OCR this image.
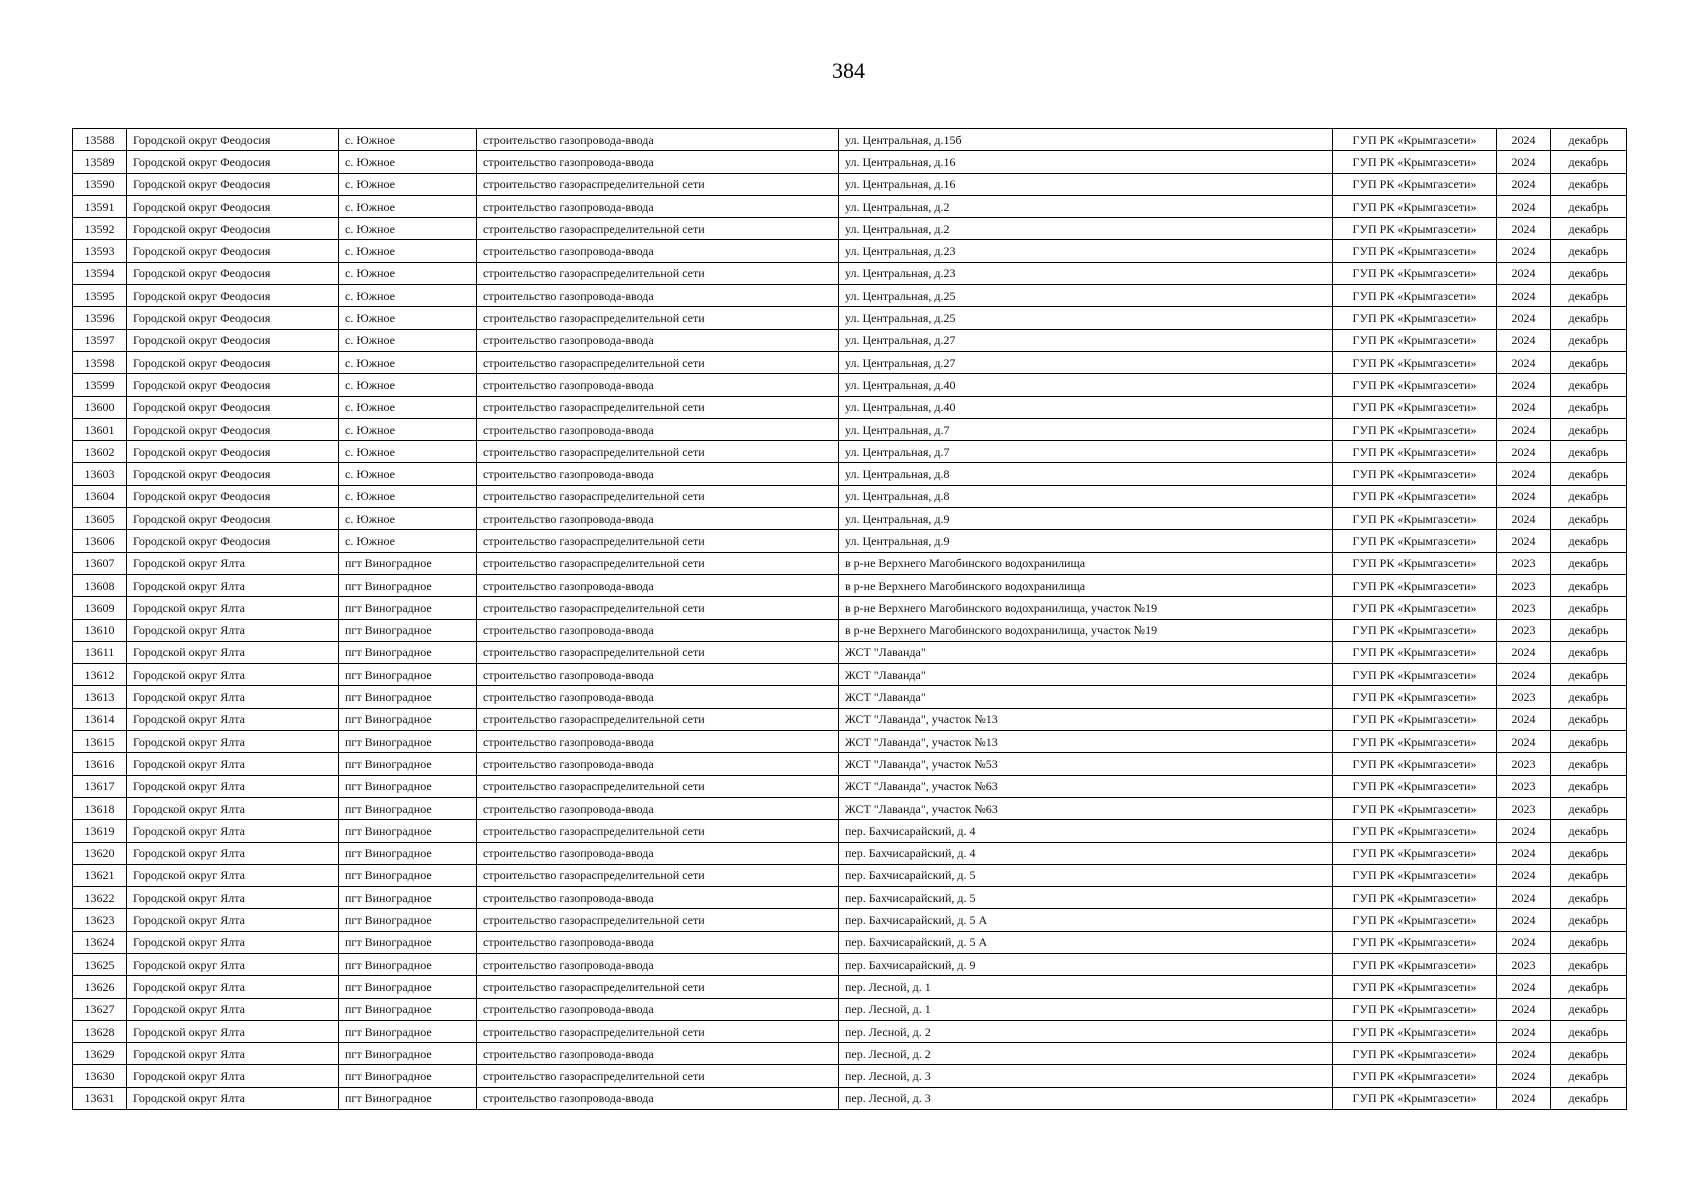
384
13588	Городской округ Феодосия	с. Южное	строительство газопровода-ввода	ул. Центральная, д.15б	ГУП РК «Крымгазсети»	2024	декабрь
13589	Городской округ Феодосия	с. Южное	строительство газопровода-ввода	ул. Центральная, д.16	ГУП РК «Крымгазсети»	2024	декабрь
13590	Городской округ Феодосия	с. Южное	строительство газораспределительной сети	ул. Центральная, д.16	ГУП РК «Крымгазсети»	2024	декабрь
13591	Городской округ Феодосия	с. Южное	строительство газопровода-ввода	ул. Центральная, д.2	ГУП РК «Крымгазсети»	2024	декабрь
13592	Городской округ Феодосия	с. Южное	строительство газораспределительной сети	ул. Центральная, д.2	ГУП РК «Крымгазсети»	2024	декабрь
13593	Городской округ Феодосия	с. Южное	строительство газопровода-ввода	ул. Центральная, д.23	ГУП РК «Крымгазсети»	2024	декабрь
13594	Городской округ Феодосия	с. Южное	строительство газораспределительной сети	ул. Центральная, д.23	ГУП РК «Крымгазсети»	2024	декабрь
13595	Городской округ Феодосия	с. Южное	строительство газопровода-ввода	ул. Центральная, д.25	ГУП РК «Крымгазсети»	2024	декабрь
13596	Городской округ Феодосия	с. Южное	строительство газораспределительной сети	ул. Центральная, д.25	ГУП РК «Крымгазсети»	2024	декабрь
13597	Городской округ Феодосия	с. Южное	строительство газопровода-ввода	ул. Центральная, д.27	ГУП РК «Крымгазсети»	2024	декабрь
13598	Городской округ Феодосия	с. Южное	строительство газораспределительной сети	ул. Центральная, д.27	ГУП РК «Крымгазсети»	2024	декабрь
13599	Городской округ Феодосия	с. Южное	строительство газопровода-ввода	ул. Центральная, д.40	ГУП РК «Крымгазсети»	2024	декабрь
13600	Городской округ Феодосия	с. Южное	строительство газораспределительной сети	ул. Центральная, д.40	ГУП РК «Крымгазсети»	2024	декабрь
13601	Городской округ Феодосия	с. Южное	строительство газопровода-ввода	ул. Центральная, д.7	ГУП РК «Крымгазсети»	2024	декабрь
13602	Городской округ Феодосия	с. Южное	строительство газораспределительной сети	ул. Центральная, д.7	ГУП РК «Крымгазсети»	2024	декабрь
13603	Городской округ Феодосия	с. Южное	строительство газопровода-ввода	ул. Центральная, д.8	ГУП РК «Крымгазсети»	2024	декабрь
13604	Городской округ Феодосия	с. Южное	строительство газораспределительной сети	ул. Центральная, д.8	ГУП РК «Крымгазсети»	2024	декабрь
13605	Городской округ Феодосия	с. Южное	строительство газопровода-ввода	ул. Центральная, д.9	ГУП РК «Крымгазсети»	2024	декабрь
13606	Городской округ Феодосия	с. Южное	строительство газораспределительной сети	ул. Центральная, д.9	ГУП РК «Крымгазсети»	2024	декабрь
13607	Городской округ Ялта	пгт Виноградное	строительство газораспределительной сети	в р-не Верхнего Магобинского водохранилища	ГУП РК «Крымгазсети»	2023	декабрь
13608	Городской округ Ялта	пгт Виноградное	строительство газопровода-ввода	в р-не Верхнего Магобинского водохранилища	ГУП РК «Крымгазсети»	2023	декабрь
13609	Городской округ Ялта	пгт Виноградное	строительство газораспределительной сети	в р-не Верхнего Магобинского водохранилища, участок №19	ГУП РК «Крымгазсети»	2023	декабрь
13610	Городской округ Ялта	пгт Виноградное	строительство газопровода-ввода	в р-не Верхнего Магобинского водохранилища, участок №19	ГУП РК «Крымгазсети»	2023	декабрь
13611	Городской округ Ялта	пгт Виноградное	строительство газораспределительной сети	ЖСТ "Лаванда"	ГУП РК «Крымгазсети»	2024	декабрь
13612	Городской округ Ялта	пгт Виноградное	строительство газопровода-ввода	ЖСТ "Лаванда"	ГУП РК «Крымгазсети»	2024	декабрь
13613	Городской округ Ялта	пгт Виноградное	строительство газопровода-ввода	ЖСТ "Лаванда"	ГУП РК «Крымгазсети»	2023	декабрь
13614	Городской округ Ялта	пгт Виноградное	строительство газораспределительной сети	ЖСТ "Лаванда", участок №13	ГУП РК «Крымгазсети»	2024	декабрь
13615	Городской округ Ялта	пгт Виноградное	строительство газопровода-ввода	ЖСТ "Лаванда", участок №13	ГУП РК «Крымгазсети»	2024	декабрь
13616	Городской округ Ялта	пгт Виноградное	строительство газопровода-ввода	ЖСТ "Лаванда", участок №53	ГУП РК «Крымгазсети»	2023	декабрь
13617	Городской округ Ялта	пгт Виноградное	строительство газораспределительной сети	ЖСТ "Лаванда", участок №63	ГУП РК «Крымгазсети»	2023	декабрь
13618	Городской округ Ялта	пгт Виноградное	строительство газопровода-ввода	ЖСТ "Лаванда", участок №63	ГУП РК «Крымгазсети»	2023	декабрь
13619	Городской округ Ялта	пгт Виноградное	строительство газораспределительной сети	пер. Бахчисарайский, д. 4	ГУП РК «Крымгазсети»	2024	декабрь
13620	Городской округ Ялта	пгт Виноградное	строительство газопровода-ввода	пер. Бахчисарайский, д. 4	ГУП РК «Крымгазсети»	2024	декабрь
13621	Городской округ Ялта	пгт Виноградное	строительство газораспределительной сети	пер. Бахчисарайский, д. 5	ГУП РК «Крымгазсети»	2024	декабрь
13622	Городской округ Ялта	пгт Виноградное	строительство газопровода-ввода	пер. Бахчисарайский, д. 5	ГУП РК «Крымгазсети»	2024	декабрь
13623	Городской округ Ялта	пгт Виноградное	строительство газораспределительной сети	пер. Бахчисарайский, д. 5 А	ГУП РК «Крымгазсети»	2024	декабрь
13624	Городской округ Ялта	пгт Виноградное	строительство газопровода-ввода	пер. Бахчисарайский, д. 5 А	ГУП РК «Крымгазсети»	2024	декабрь
13625	Городской округ Ялта	пгт Виноградное	строительство газопровода-ввода	пер. Бахчисарайский, д. 9	ГУП РК «Крымгазсети»	2023	декабрь
13626	Городской округ Ялта	пгт Виноградное	строительство газораспределительной сети	пер. Лесной, д. 1	ГУП РК «Крымгазсети»	2024	декабрь
13627	Городской округ Ялта	пгт Виноградное	строительство газопровода-ввода	пер. Лесной, д. 1	ГУП РК «Крымгазсети»	2024	декабрь
13628	Городской округ Ялта	пгт Виноградное	строительство газораспределительной сети	пер. Лесной, д. 2	ГУП РК «Крымгазсети»	2024	декабрь
13629	Городской округ Ялта	пгт Виноградное	строительство газопровода-ввода	пер. Лесной, д. 2	ГУП РК «Крымгазсети»	2024	декабрь
13630	Городской округ Ялта	пгт Виноградное	строительство газораспределительной сети	пер. Лесной, д. 3	ГУП РК «Крымгазсети»	2024	декабрь
13631	Городской округ Ялта	пгт Виноградное	строительство газопровода-ввода	пер. Лесной, д. 3	ГУП РК «Крымгазсети»	2024	декабрь
